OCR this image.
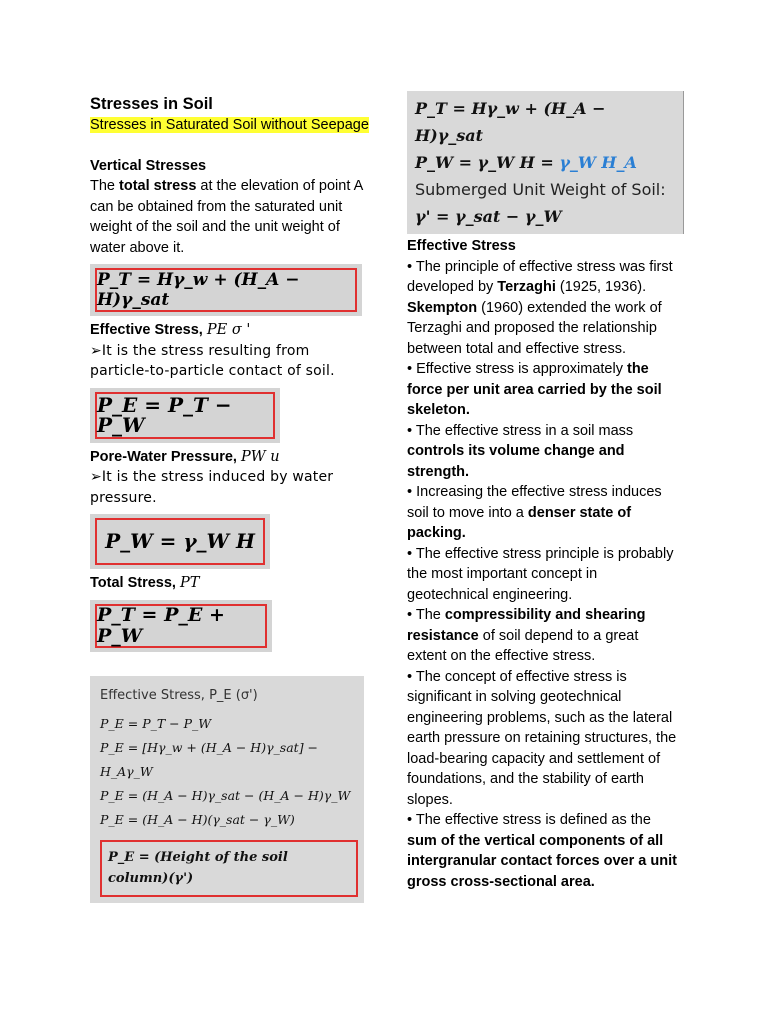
Stresses in Soil
Stresses in Saturated Soil without Seepage
Vertical Stresses
The total stress at the elevation of point A can be obtained from the saturated unit weight of the soil and the unit weight of water above it.
P_T = Hγ_w + (H_A − H)γ_sat
Effective Stress, PE σ '
➢It is the stress resulting from particle-to-particle contact of soil.
P_E = P_T − P_W
Pore-Water Pressure, PW u
➢It is the stress induced by water pressure.
P_W = γ_W H
Total Stress, PT
P_T = P_E + P_W
Effective Stress, P_E (σ')
P_E = P_T − P_W
P_E = [Hγ_w + (H_A − H)γ_sat] − H_Aγ_W
P_E = (H_A − H)γ_sat − (H_A − H)γ_W
P_E = (H_A − H)(γ_sat − γ_W)
P_E = (Height of the soil column)(γ')
P_T = Hγ_w + (H_A − H)γ_sat
P_W = γ_W H = γ_W H_A
Submerged Unit Weight of Soil:
γ' = γ_sat − γ_W
Effective Stress
• The principle of effective stress was first developed by Terzaghi (1925, 1936). Skempton (1960) extended the work of Terzaghi and proposed the relationship between total and effective stress.
• Effective stress is approximately the force per unit area carried by the soil skeleton.
• The effective stress in a soil mass controls its volume change and strength.
• Increasing the effective stress induces soil to move into a denser state of packing.
• The effective stress principle is probably the most important concept in geotechnical engineering.
• The compressibility and shearing resistance of soil depend to a great extent on the effective stress.
• The concept of effective stress is significant in solving geotechnical engineering problems, such as the lateral earth pressure on retaining structures, the load-bearing capacity and settlement of foundations, and the stability of earth slopes.
• The effective stress is defined as the sum of the vertical components of all intergranular contact forces over a unit gross cross-sectional area.
